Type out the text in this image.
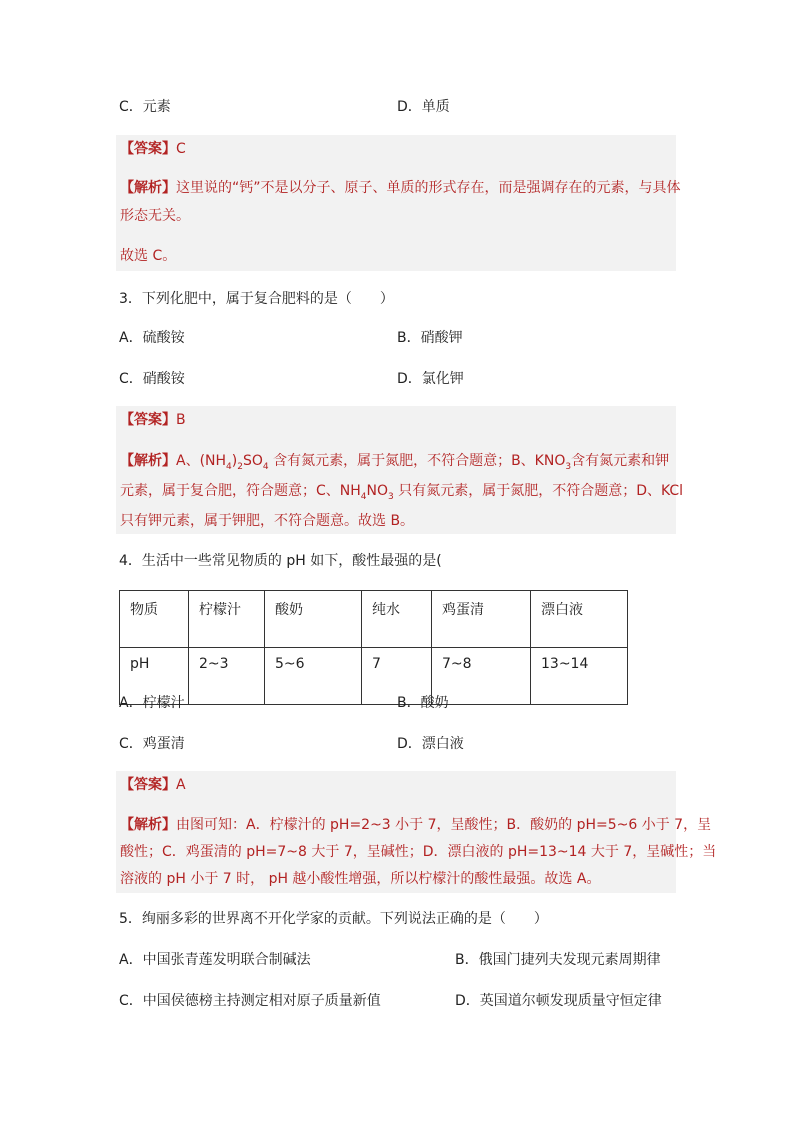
C．元素	D．单质
【答案】C
【解析】这里说的“钙”不是以分子、原子、单质的形式存在，而是强调存在的元素，与具体
形态无关。
故选 C。
3．下列化肥中，属于复合肥料的是（　　）
A．硫酸铵	B．硝酸钾
C．硝酸铵	D．氯化钾
【答案】B
【解析】A、$(NH_4)_2SO_4$ 含有氮元素，属于氮肥，不符合题意；B、$KNO_3$含有氮元素和钾
元素，属于复合肥，符合题意；C、$NH_4NO_3$ 只有氮元素，属于氮肥，不符合题意；D、KCl
只有钾元素，属于钾肥，不符合题意。故选 B。
4．生活中一些常见物质的 pH 如下，酸性最强的是(
物质	柠檬汁	酸奶	纯水	鸡蛋清	漂白液
pH	2~3	5~6	7	7~8	13~14
A．柠檬汁	B．酸奶
C．鸡蛋清	D．漂白液
【答案】A
【解析】由图可知：A．柠檬汁的 pH=2~3 小于 7，呈酸性；B．酸奶的 pH=5~6 小于 7，呈
酸性；C．鸡蛋清的 pH=7~8 大于 7，呈碱性；D．漂白液的 pH=13~14 大于 7，呈碱性；当
溶液的 pH 小于 7 时， pH 越小酸性增强，所以柠檬汁的酸性最强。故选 A。
5．绚丽多彩的世界离不开化学家的贡献。下列说法正确的是（　　）
A．中国张青莲发明联合制碱法	B．俄国门捷列夫发现元素周期律
C．中国侯德榜主持测定相对原子质量新值	D．英国道尔顿发现质量守恒定律
